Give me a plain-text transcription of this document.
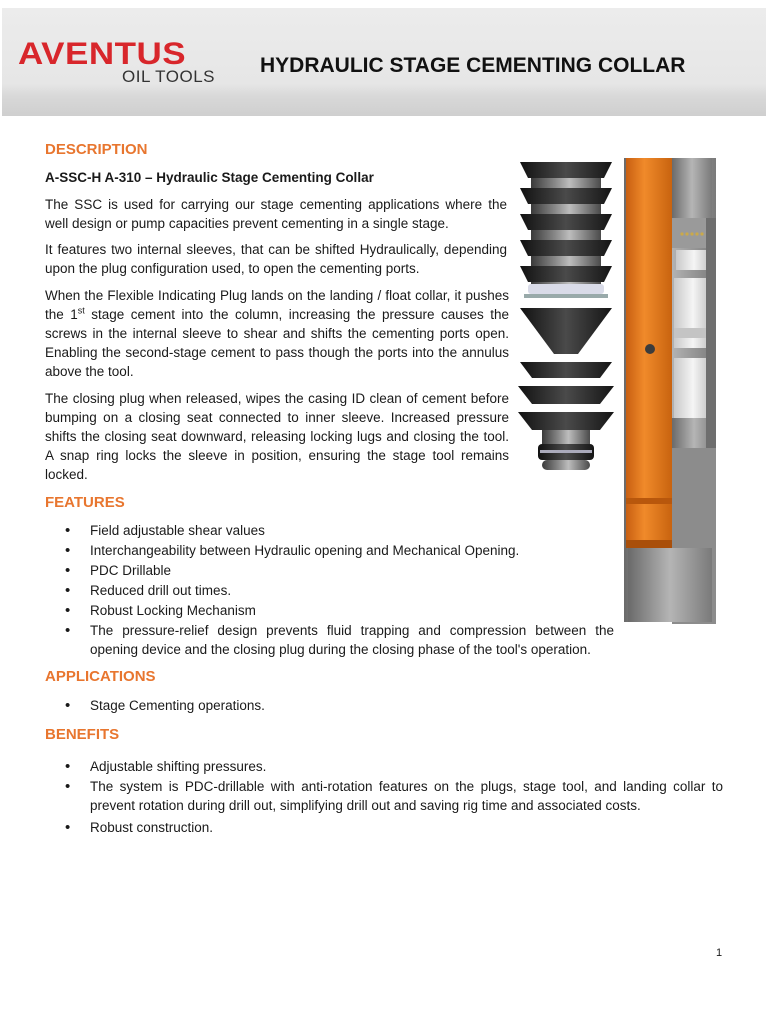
AVENTUS
OIL TOOLS HYDRAULIC STAGE CEMENTING COLLAR
DESCRIPTION

A-SSC-H A-310 – Hydraulic Stage Cementing Collar

The SSC is used for carrying our stage cementing applications where the well design or pump capacities prevent cementing in a single stage.

It features two internal sleeves, that can be shifted Hydraulically, depending upon the plug configuration used, to open the cementing ports.

When the Flexible Indicating Plug lands on the landing / float collar, it pushes the 1st stage cement into the column, increasing the pressure causes the screws in the internal sleeve to shear and shifts the cementing ports open. Enabling the second-stage cement to pass though the ports into the annulus above the tool.

The closing plug when released, wipes the casing ID clean of cement before bumping on a closing seat connected to inner sleeve. Increased pressure shifts the closing seat downward, releasing locking lugs and closing the tool. A snap ring locks the sleeve in position, ensuring the stage tool remains locked.

FEATURES
• Field adjustable shear values
• Interchangeability between Hydraulic opening and Mechanical Opening.
• PDC Drillable
• Reduced drill out times.
• Robust Locking Mechanism
• The pressure-relief design prevents fluid trapping and compression between the opening device and the closing plug during the closing phase of the tool's operation.
APPLICATIONS
• Stage Cementing operations.
BENEFITS
• Adjustable shifting pressures.
• The system is PDC-drillable with anti-rotation features on the plugs, stage tool, and landing collar to prevent rotation during drill out, simplifying drill out and saving rig time and associated costs.
• Robust construction.
1
